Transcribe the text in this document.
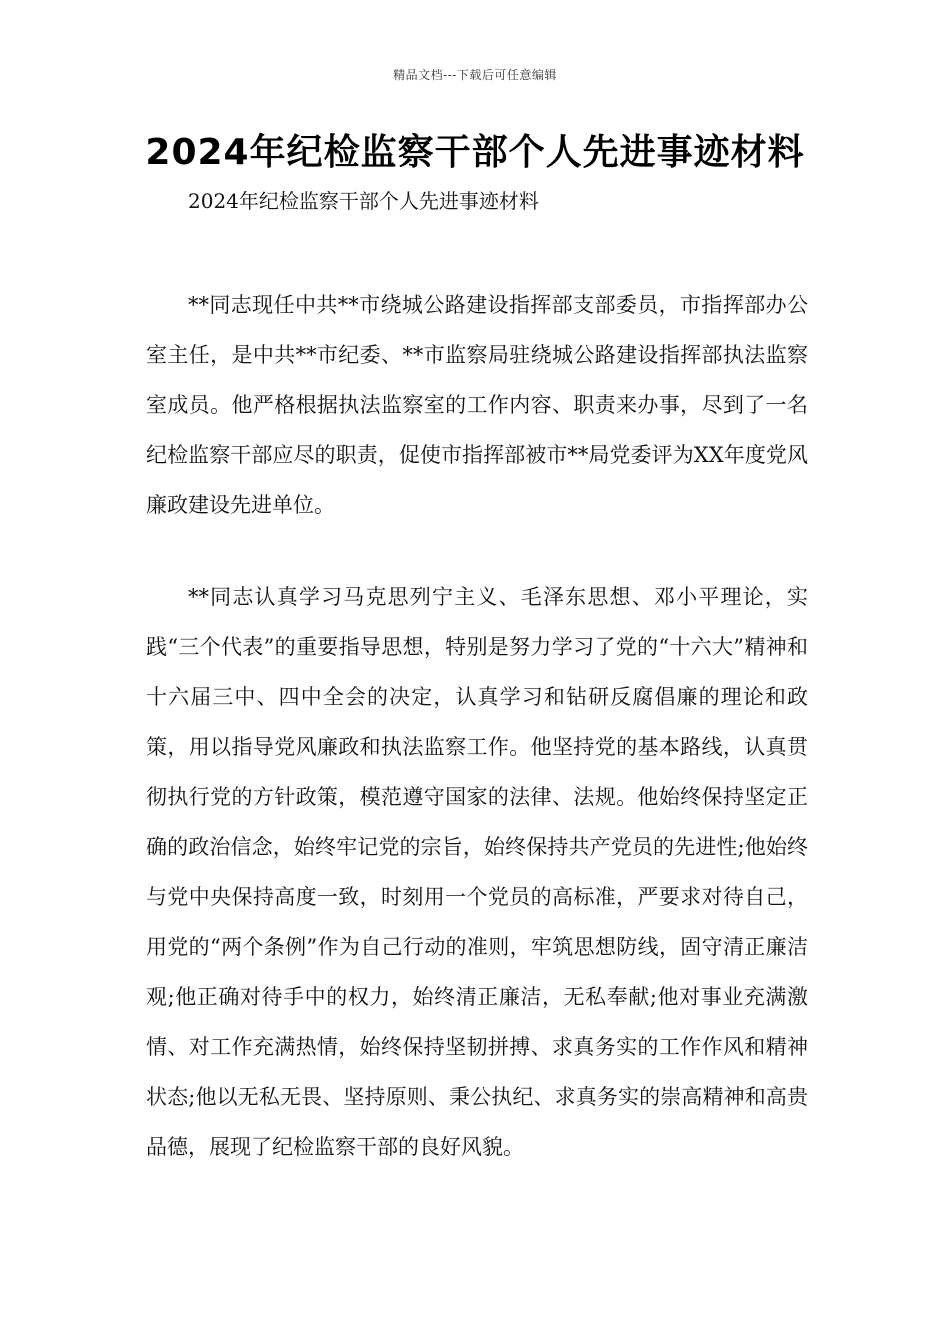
精品文档---下载后可任意编辑
2024年纪检监察干部个人先进事迹材料

2024年纪检监察干部个人先进事迹材料

**同志现任中共**市绕城公路建设指挥部支部委员，市指挥部办公室主任，是中共**市纪委、**市监察局驻绕城公路建设指挥部执法监察室成员。他严格根据执法监察室的工作内容、职责来办事，尽到了一名纪检监察干部应尽的职责，促使市指挥部被市**局党委评为XX年度党风廉政建设先进单位。

**同志认真学习马克思列宁主义、毛泽东思想、邓小平理论，实践“三个代表”的重要指导思想，特别是努力学习了党的“十六大”精神和十六届三中、四中全会的决定，认真学习和钻研反腐倡廉的理论和政策，用以指导党风廉政和执法监察工作。他坚持党的基本路线，认真贯彻执行党的方针政策，模范遵守国家的法律、法规。他始终保持坚定正确的政治信念，始终牢记党的宗旨，始终保持共产党员的先进性;他始终与党中央保持高度一致，时刻用一个党员的高标准，严要求对待自己，用党的“两个条例”作为自己行动的准则，牢筑思想防线，固守清正廉洁观;他正确对待手中的权力，始终清正廉洁，无私奉献;他对事业充满激情、对工作充满热情，始终保持坚韧拼搏、求真务实的工作作风和精神状态;他以无私无畏、坚持原则、秉公执纪、求真务实的崇高精神和高贵品德，展现了纪检监察干部的良好风貌。
